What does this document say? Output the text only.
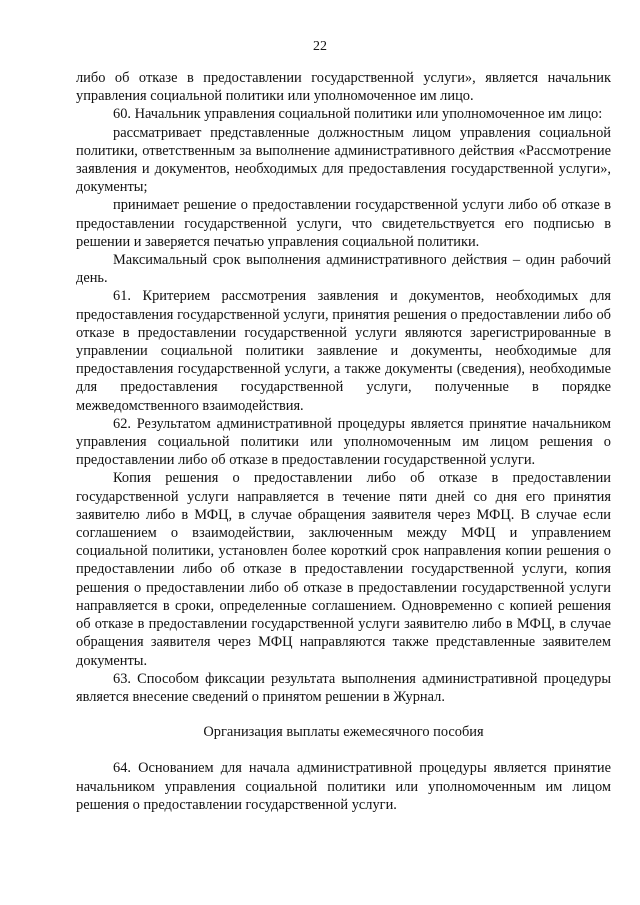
22

либо об отказе в предоставлении государственной услуги», является начальник управления социальной политики или уполномоченное им лицо.

60. Начальник управления социальной политики или уполномоченное им лицо:

рассматривает представленные должностным лицом управления социальной политики, ответственным за выполнение административного действия «Рассмотрение заявления и документов, необходимых для предоставления государственной услуги», документы;

принимает решение о предоставлении государственной услуги либо об отказе в предоставлении государственной услуги, что свидетельствуется его подписью в решении и заверяется печатью управления социальной политики.

Максимальный срок выполнения административного действия – один рабочий день.

61. Критерием рассмотрения заявления и документов, необходимых для предоставления государственной услуги, принятия решения о предоставлении либо об отказе в предоставлении государственной услуги являются зарегистрированные в управлении социальной политики заявление и документы, необходимые для предоставления государственной услуги, а также документы (сведения), необходимые для предоставления государственной услуги, полученные в порядке межведомственного взаимодействия.

62. Результатом административной процедуры является принятие начальником управления социальной политики или уполномоченным им лицом решения о предоставлении либо об отказе в предоставлении государственной услуги.

Копия решения о предоставлении либо об отказе в предоставлении государственной услуги направляется в течение пяти дней со дня его принятия заявителю либо в МФЦ, в случае обращения заявителя через МФЦ. В случае если соглашением о взаимодействии, заключенным между МФЦ и управлением социальной политики, установлен более короткий срок направления копии решения о предоставлении либо об отказе в предоставлении государственной услуги, копия решения о предоставлении либо об отказе в предоставлении государственной услуги направляется в сроки, определенные соглашением. Одновременно с копией решения об отказе в предоставлении государственной услуги заявителю либо в МФЦ, в случае обращения заявителя через МФЦ направляются также представленные заявителем документы.

63. Способом фиксации результата выполнения административной процедуры является внесение сведений о принятом решении в Журнал.

Организация выплаты ежемесячного пособия

64. Основанием для начала административной процедуры является принятие начальником управления социальной политики или уполномоченным им лицом решения о предоставлении государственной услуги.
